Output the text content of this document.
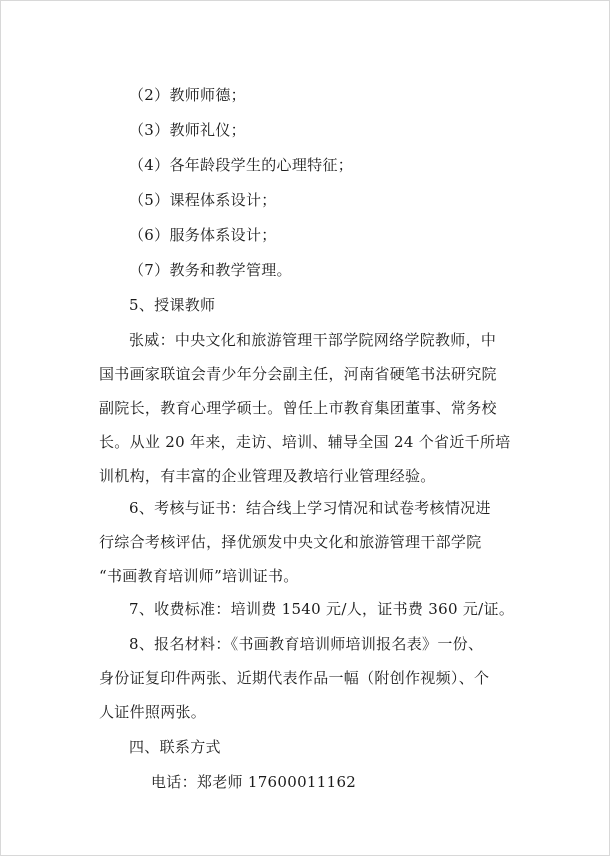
（2）教师师德；
（3）教师礼仪；
（4）各年龄段学生的心理特征；
（5）课程体系设计；
（6）服务体系设计；
（7）教务和教学管理。
5、授课教师
张威：中央文化和旅游管理干部学院网络学院教师，中
国书画家联谊会青少年分会副主任，河南省硬笔书法研究院
副院长，教育心理学硕士。曾任上市教育集团董事、常务校
长。从业 20 年来，走访、培训、辅导全国 24 个省近千所培
训机构，有丰富的企业管理及教培行业管理经验。
6、考核与证书：结合线上学习情况和试卷考核情况进
行综合考核评估，择优颁发中央文化和旅游管理干部学院
“书画教育培训师”培训证书。
7、收费标准：培训费 1540 元/人，证书费 360 元/证。
8、报名材料：《书画教育培训师培训报名表》一份、
身份证复印件两张、近期代表作品一幅（附创作视频）、个
人证件照两张。
四、联系方式
电话：郑老师 17600011162
